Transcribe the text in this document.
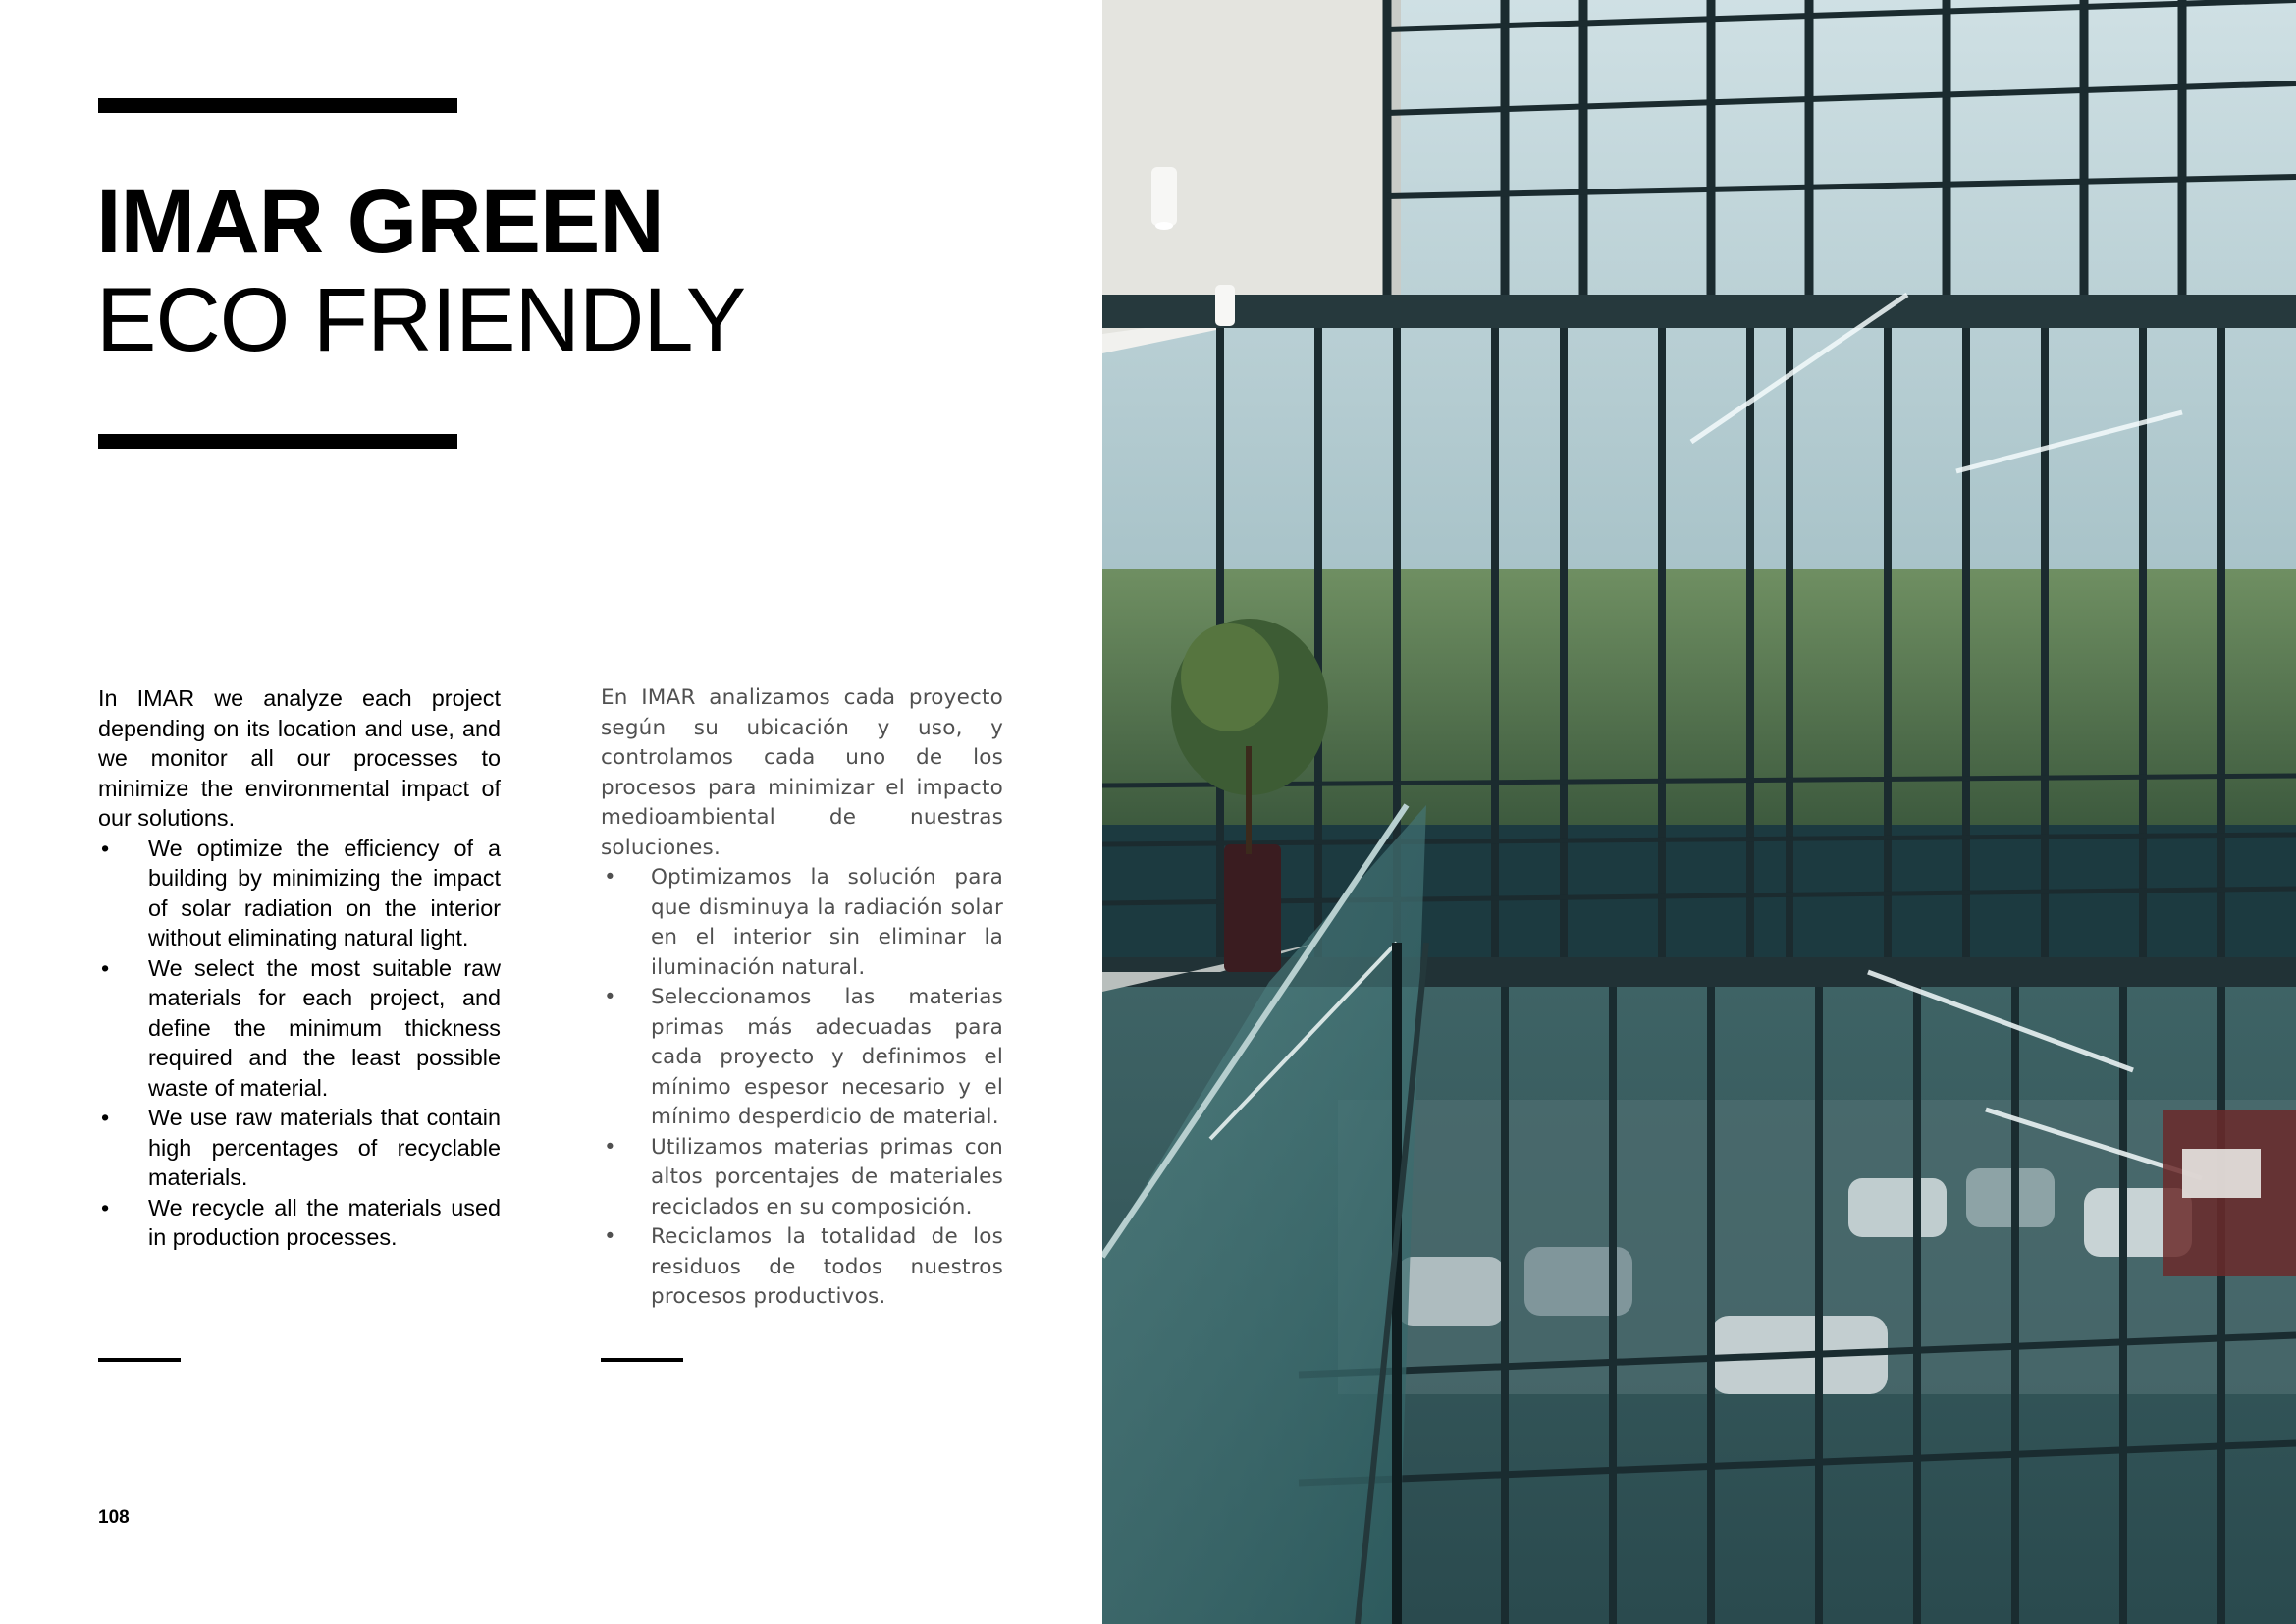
IMAR GREEN
ECO FRIENDLY

In IMAR we analyze each project depending on its location and use, and we monitor all our processes to minimize the environmental impact of our solutions.

• We optimize the efficiency of a building by minimizing the impact of solar radiation on the interior without eliminating natural light.
• We select the most suitable raw materials for each project, and define the minimum thickness required and the least possible waste of material.
• We use raw materials that contain high percentages of recyclable materials.
• We recycle all the materials used in production processes.

En IMAR analizamos cada proyecto según su ubicación y uso, y controlamos cada uno de los procesos para minimizar el impacto medioambiental de nuestras soluciones.

• Optimizamos la solución para que disminuya la radiación solar en el interior sin eliminar la iluminación natural.
• Seleccionamos las materias primas más adecuadas para cada proyecto y definimos el mínimo espesor necesario y el mínimo desperdicio de material.
• Utilizamos materias primas con altos porcentajes de materiales reciclados en su composición.
• Reciclamos la totalidad de los residuos de todos nuestros procesos productivos.
108
